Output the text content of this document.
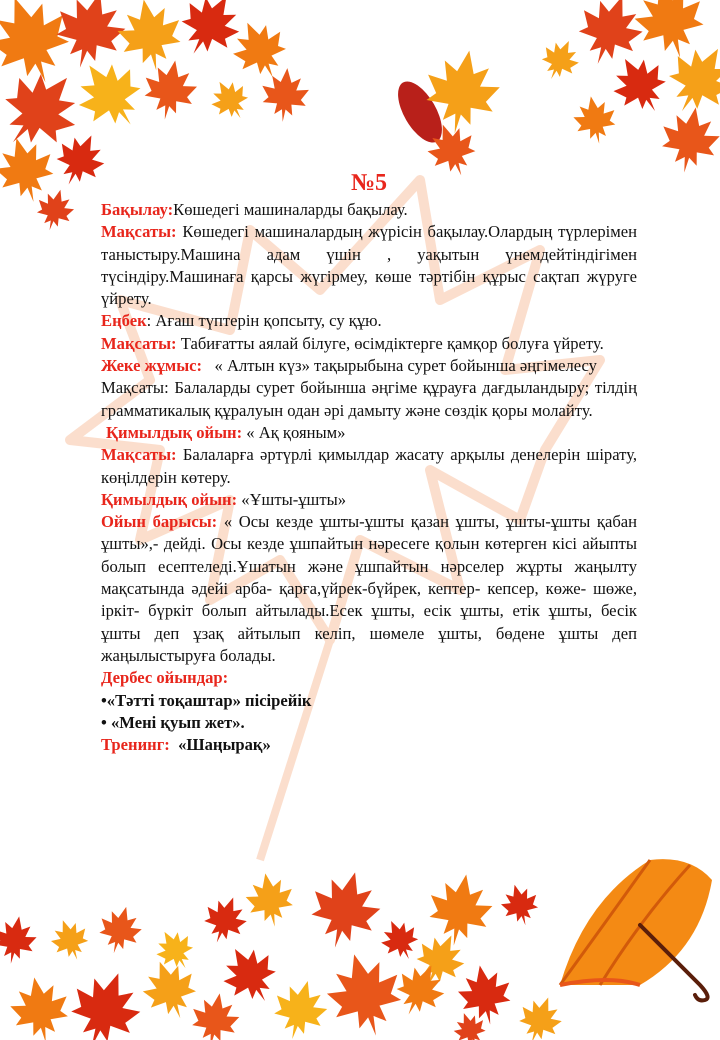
№5

Бақылау:Көшедегі машиналарды бақылау.

Мақсаты: Көшедегі машиналардың жүрісін бақылау.Олардың түрлерімен таныстыру.Машина адам үшін , уақытын үнемдейтіндігімен түсіндіру.Машинаға қарсы жүгірмеу, көше тәртібін құрыс сақтап жүруге үйрету.

Еңбек: Ағаш түптерін қопсыту, су құю.

Мақсаты: Табиғатты аялай білуге, өсімдіктерге қамқор болуға үйрету.

Жеке жұмыс: « Алтын күз» тақырыбына сурет бойынша әңгімелесу

Мақсаты: Балаларды сурет бойынша әңгіме құрауға дағдыландыру; тілдің грамматикалық құралуын одан әрі дамыту және сөздік қоры молайту.

Қимылдық ойын: « Ақ қояным»

Мақсаты: Балаларға әртүрлі қимылдар жасату арқылы денелерін шірату, көңілдерін көтеру.

Қимылдық ойын: «Ұшты-ұшты»

Ойын барысы: « Осы кезде ұшты-ұшты қазан ұшты, ұшты-ұшты қабан ұшты»,- дейді. Осы кезде ұшпайтын нәресеге қолын көтерген кісі айыпты болып есептеледі.Ұшатын және ұшпайтын нәрселер жұрты жаңылту мақсатында әдейі арба- қарға,үйрек-бүйрек, кептер- кепсер, көже- шөже, іркіт- бүркіт болып айтылады.Есек ұшты, есік ұшты, етік ұшты, бесік ұшты деп ұзақ айтылып келіп, шөмеле ұшты, бөдене ұшты деп жаңылыстыруға болады.

Дербес ойындар:

•«Тәтті тоқаштар» пісірейік

• «Мені қуып жет».

Тренинг: «Шаңырақ»
